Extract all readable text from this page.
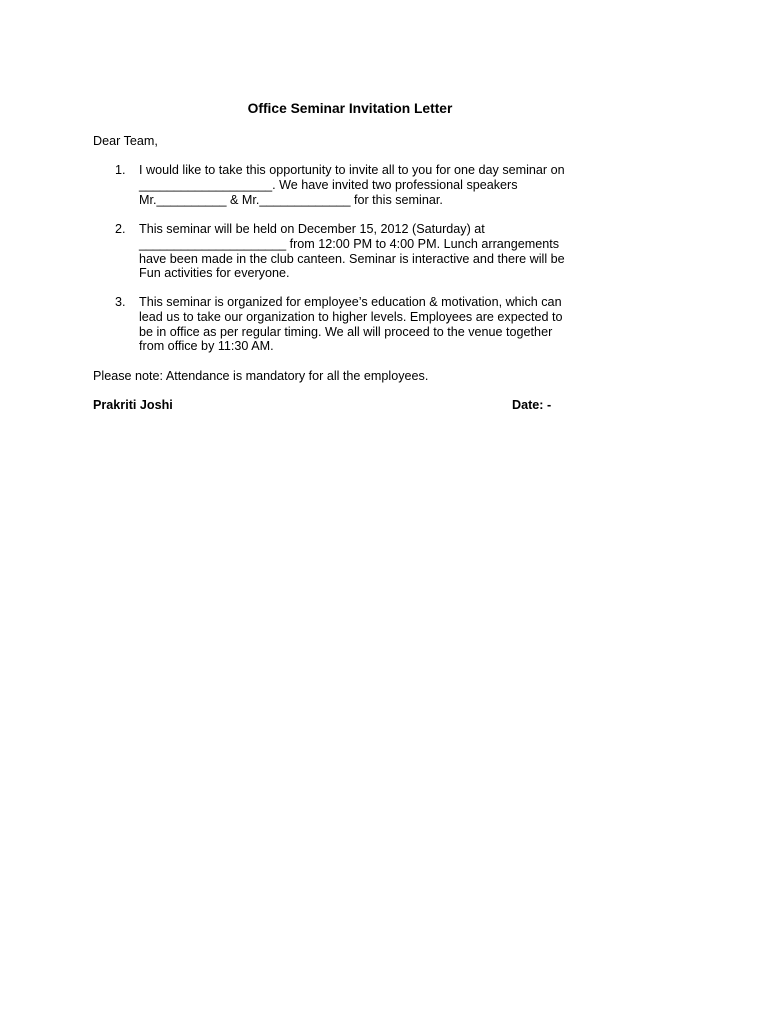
Office Seminar Invitation Letter
Dear Team,
1. I would like to take this opportunity to invite all to you for one day seminar on
___________________. We have invited two professional speakers
Mr.__________ & Mr._____________ for this seminar.
2. This seminar will be held on December 15, 2012 (Saturday) at
_____________________ from 12:00 PM to 4:00 PM. Lunch arrangements
have been made in the club canteen. Seminar is interactive and there will be
Fun activities for everyone.
3. This seminar is organized for employee’s education & motivation, which can
lead us to take our organization to higher levels. Employees are expected to
be in office as per regular timing. We all will proceed to the venue together
from office by 11:30 AM.
Please note: Attendance is mandatory for all the employees.
Prakriti Joshi	Date: -
